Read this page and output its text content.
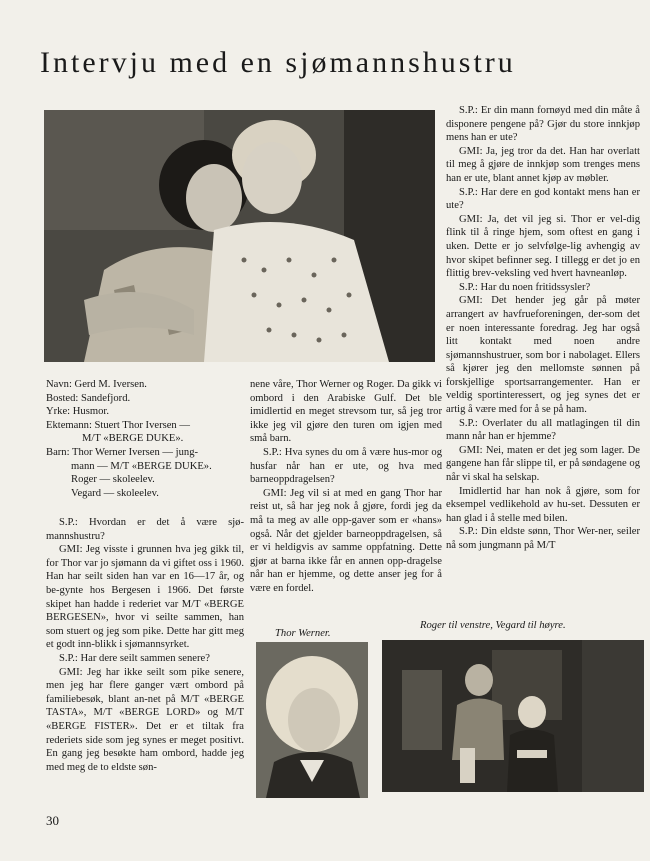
Intervju med en sjømannshustru

Navn: Gerd M. Iversen.

Bosted: Sandefjord.

Yrke: Husmor.

Ektemann: Stuert Thor Iversen —

M/T «BERGE DUKE».

Barn: Thor Werner Iversen — jung-

mann — M/T «BERGE DUKE».

Roger — skoleelev.

Vegard — skoleelev.

S.P.: Hvordan er det å være sjø-mannshustru?

GMI: Jeg visste i grunnen hva jeg gikk til, for Thor var jo sjømann da vi giftet oss i 1960. Han har seilt siden han var en 16—17 år, og be-gynte hos Bergesen i 1966. Det første skipet han hadde i rederiet var M/T «BERGE BERGESEN», hvor vi seilte sammen, han som stuert og jeg som pike. Dette har gitt meg et godt inn-blikk i sjømannsyrket.

S.P.: Har dere seilt sammen senere?

GMI: Jeg har ikke seilt som pike senere, men jeg har flere ganger vært ombord på familiebesøk, blant an-net på M/T «BERGE TASTA», M/T «BERGE LORD» og M/T «BERGE FISTER». Det er et tiltak fra rederiets side som jeg synes er meget positivt. En gang jeg besøkte ham ombord, hadde jeg med meg de to eldste søn-

nene våre, Thor Werner og Roger. Da gikk vi ombord i den Arabiske Gulf. Det ble imidlertid en meget strevsom tur, så jeg tror ikke jeg vil gjøre den turen om igjen med små barn.

S.P.: Hva synes du om å være hus-mor og husfar når han er ute, og hva med barneoppdragelsen?

GMI: Jeg vil si at med en gang Thor har reist ut, så har jeg nok å gjøre, fordi jeg da må ta meg av alle opp-gaver som er «hans» også. Når det gjelder barneoppdragelsen, så er vi heldigvis av samme oppfatning. Dette gjør at barna ikke får en annen opp-dragelse når han er hjemme, og dette anser jeg for å være en fordel.

S.P.: Er din mann fornøyd med din måte å disponere pengene på? Gjør du store innkjøp mens han er ute?

GMI: Ja, jeg tror da det. Han har overlatt til meg å gjøre de innkjøp som trenges mens han er ute, blant annet kjøp av møbler.

S.P.: Har dere en god kontakt mens han er ute?

GMI: Ja, det vil jeg si. Thor er vel-dig flink til å ringe hjem, som oftest en gang i uken. Dette er jo selvfølge-lig avhengig av hvor skipet befinner seg. I tillegg er det jo en flittig brev-veksling ved hvert havneanløp.

S.P.: Har du noen fritidssysler?

GMI: Det hender jeg går på møter arrangert av havfrueforeningen, der-som det er noen interessante foredrag. Jeg har også litt kontakt med noen andre sjømannshustruer, som bor i nabolaget. Ellers så kjører jeg den mellomste sønnen på forskjellige sportsarrangementer. Han er veldig sportinteressert, og jeg synes det er artig å være med for å se på ham.

S.P.: Overlater du all matlagingen til din mann når han er hjemme?

GMI: Nei, maten er det jeg som lager. De gangene han får slippe til, er på søndagene og når vi skal ha selskap.

Imidlertid har han nok å gjøre, som for eksempel vedlikehold av hu-set. Dessuten er han glad i å stelle med bilen.

S.P.: Din eldste sønn, Thor Wer-ner, seiler nå som jungmann på M/T

Thor Werner.
Roger til venstre, Vegard til høyre.
30
